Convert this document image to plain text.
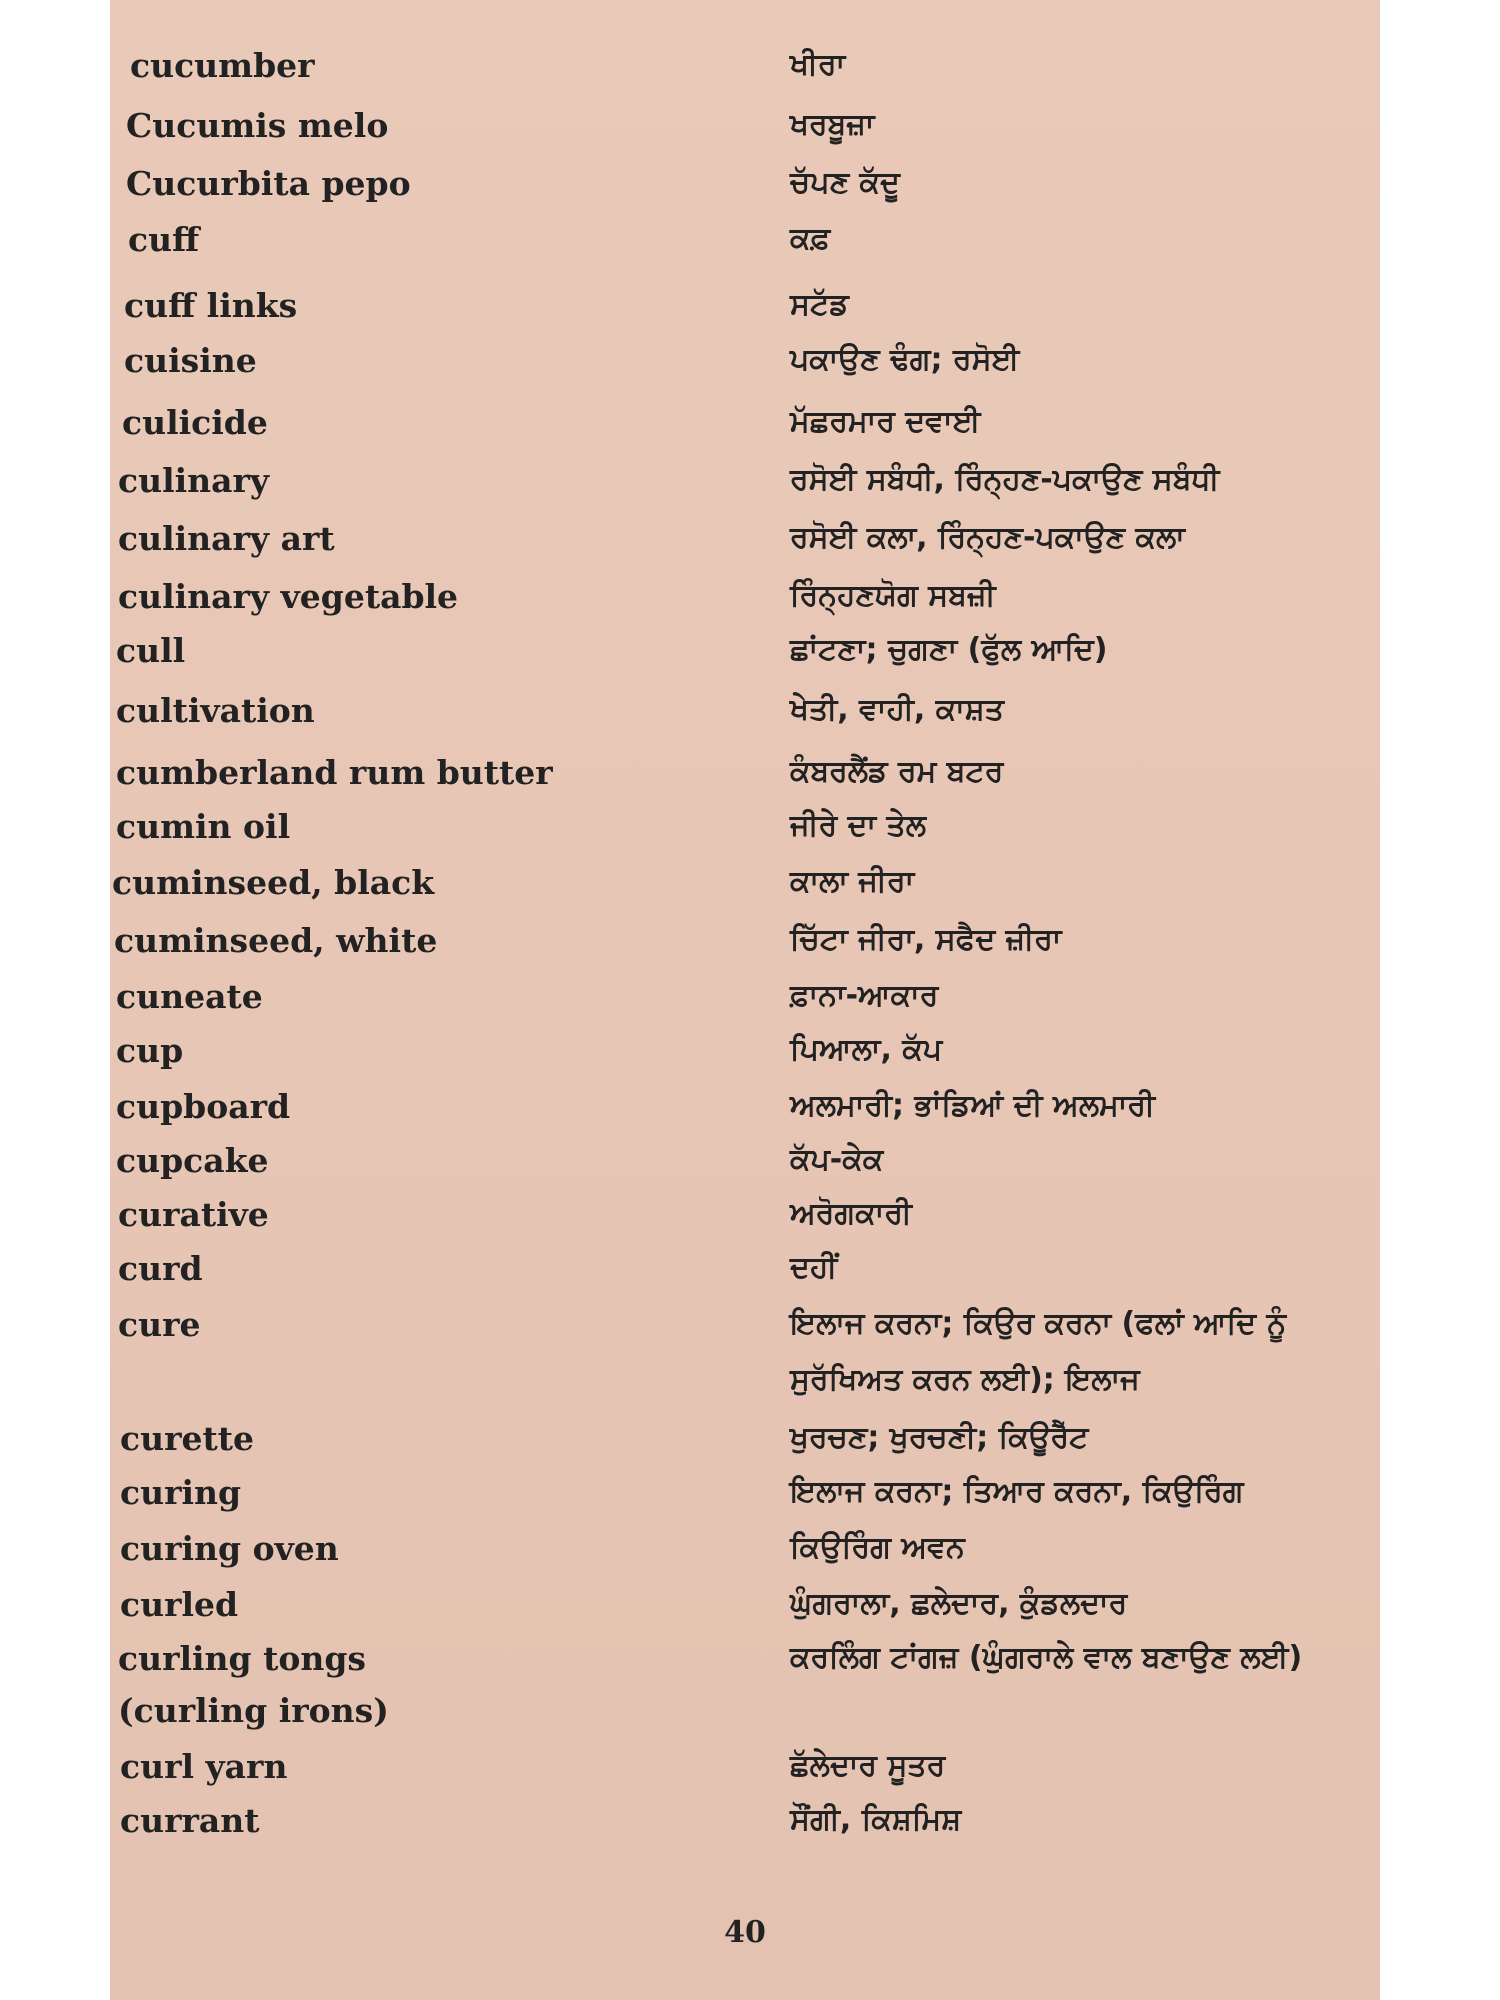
cucumber	ਖੀਰਾ
Cucumis melo	ਖਰਬੂਜ਼ਾ
Cucurbita pepo	ਚੱਪਣ ਕੱਦੂ
cuff	ਕਫ਼
cuff links	ਸਟੱਡ
cuisine	ਪਕਾਉਣ ਢੰਗ; ਰਸੋਈ
culicide	ਮੱਛਰਮਾਰ ਦਵਾਈ
culinary	ਰਸੋਈ ਸਬੰਧੀ, ਰਿੰਨ੍ਹਣ-ਪਕਾਉਣ ਸਬੰਧੀ
culinary art	ਰਸੋਈ ਕਲਾ, ਰਿੰਨ੍ਹਣ-ਪਕਾਉਣ ਕਲਾ
culinary vegetable	ਰਿੰਨ੍ਹਣਯੋਗ ਸਬਜ਼ੀ
cull	ਛਾਂਟਣਾ; ਚੁਗਣਾ (ਫੁੱਲ ਆਦਿ)
cultivation	ਖੇਤੀ, ਵਾਹੀ, ਕਾਸ਼ਤ
cumberland rum butter	ਕੰਬਰਲੈਂਡ ਰਮ ਬਟਰ
cumin oil	ਜੀਰੇ ਦਾ ਤੇਲ
cuminseed, black	ਕਾਲਾ ਜੀਰਾ
cuminseed, white	ਚਿੱਟਾ ਜੀਰਾ, ਸਫੈਦ ਜ਼ੀਰਾ
cuneate	ਫ਼ਾਨਾ-ਆਕਾਰ
cup	ਪਿਆਲਾ, ਕੱਪ
cupboard	ਅਲਮਾਰੀ; ਭਾਂਡਿਆਂ ਦੀ ਅਲਮਾਰੀ
cupcake	ਕੱਪ-ਕੇਕ
curative	ਅਰੋਗਕਾਰੀ
curd	ਦਹੀਂ
cure	ਇਲਾਜ ਕਰਨਾ; ਕਿਉਰ ਕਰਨਾ (ਫਲਾਂ ਆਦਿ ਨੂੰ ਸੁਰੱਖਿਅਤ ਕਰਨ ਲਈ); ਇਲਾਜ
curette	ਖੁਰਚਣ; ਖੁਰਚਣੀ; ਕਿਊਰੈੱਟ
curing	ਇਲਾਜ ਕਰਨਾ; ਤਿਆਰ ਕਰਨਾ, ਕਿਉਰਿੰਗ
curing oven	ਕਿਉਰਿੰਗ ਅਵਨ
curled	ਘੁੰਗਰਾਲਾ, ਛਲੇਦਾਰ, ਕੁੰਡਲਦਾਰ
curling tongs	ਕਰਲਿੰਗ ਟਾਂਗਜ਼ (ਘੁੰਗਰਾਲੇ ਵਾਲ ਬਣਾਉਣ ਲਈ)
(curling irons)
curl yarn	ਛੱਲੇਦਾਰ ਸੂਤਰ
currant	ਸੌਂਗੀ, ਕਿਸ਼ਮਿਸ਼
40
